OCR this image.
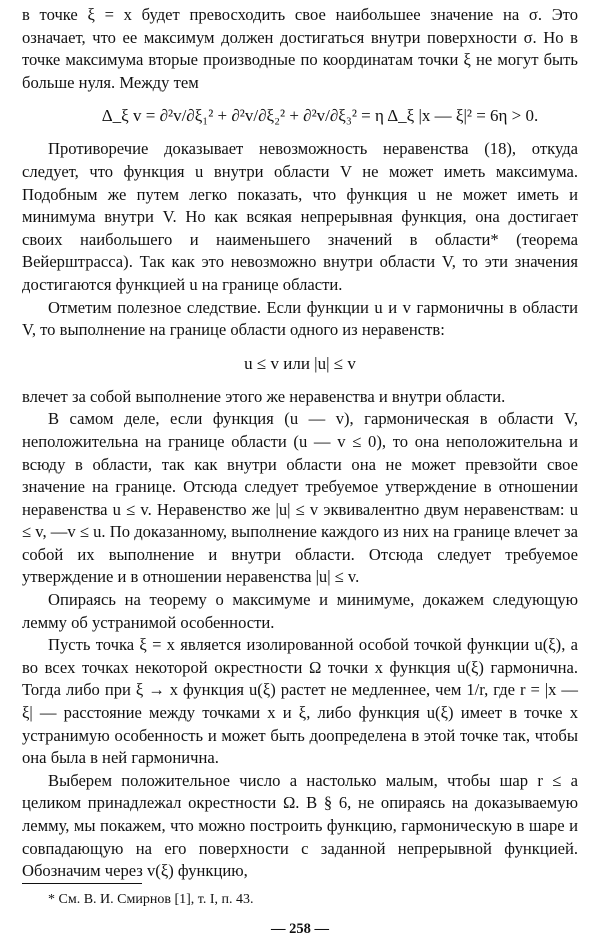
в точке ξ = x будет превосходить свое наибольшее значение на σ. Это означает, что ее максимум должен достигаться внутри поверхности σ. Но в точке максимума вторые производные по координатам точки ξ не могут быть больше нуля. Между тем

Δ_ξ v = ∂²v/∂ξ₁² + ∂²v/∂ξ₂² + ∂²v/∂ξ₃² = η Δ_ξ |x — ξ|² = 6η > 0.

Противоречие доказывает невозможность неравенства (18), откуда следует, что функция u внутри области V не может иметь максимума. Подобным же путем легко показать, что функция u не может иметь и минимума внутри V. Но как всякая непрерывная функция, она достигает своих наибольшего и наименьшего значений в области* (теорема Вейерштрасса). Так как это невозможно внутри области V, то эти значения достигаются функцией u на границе области.

Отметим полезное следствие. Если функции u и v гармоничны в области V, то выполнение на границе области одного из неравенств:

u ≤ v или |u| ≤ v

влечет за собой выполнение этого же неравенства и внутри области.

В самом деле, если функция (u — v), гармоническая в области V, неположительна на границе области (u — v ≤ 0), то она неположительна и всюду в области, так как внутри области она не может превзойти свое значение на границе. Отсюда следует требуемое утверждение в отношении неравенства u ≤ v. Неравенство же |u| ≤ v эквивалентно двум неравенствам: u ≤ v, —v ≤ u. По доказанному, выполнение каждого из них на границе влечет за собой их выполнение и внутри области. Отсюда следует требуемое утверждение и в отношении неравенства |u| ≤ v.

Опираясь на теорему о максимуме и минимуме, докажем следующую лемму об устранимой особенности.

Пусть точка ξ = x является изолированной особой точкой функции u(ξ), а во всех точках некоторой окрестности Ω точки x функция u(ξ) гармонична. Тогда либо при ξ → x функция u(ξ) растет не медленнее, чем 1/r, где r = |x — ξ| — расстояние между точками x и ξ, либо функция u(ξ) имеет в точке x устранимую особенность и может быть доопределена в этой точке так, чтобы она была в ней гармонична.

Выберем положительное число a настолько малым, чтобы шар r ≤ a целиком принадлежал окрестности Ω. В § 6, не опираясь на доказываемую лемму, мы покажем, что можно построить функцию, гармоническую в шаре и совпадающую на его поверхности с заданной непрерывной функцией. Обозначим через v(ξ) функцию,

* См. В. И. Смирнов [1], т. I, п. 43.

— 258 —
